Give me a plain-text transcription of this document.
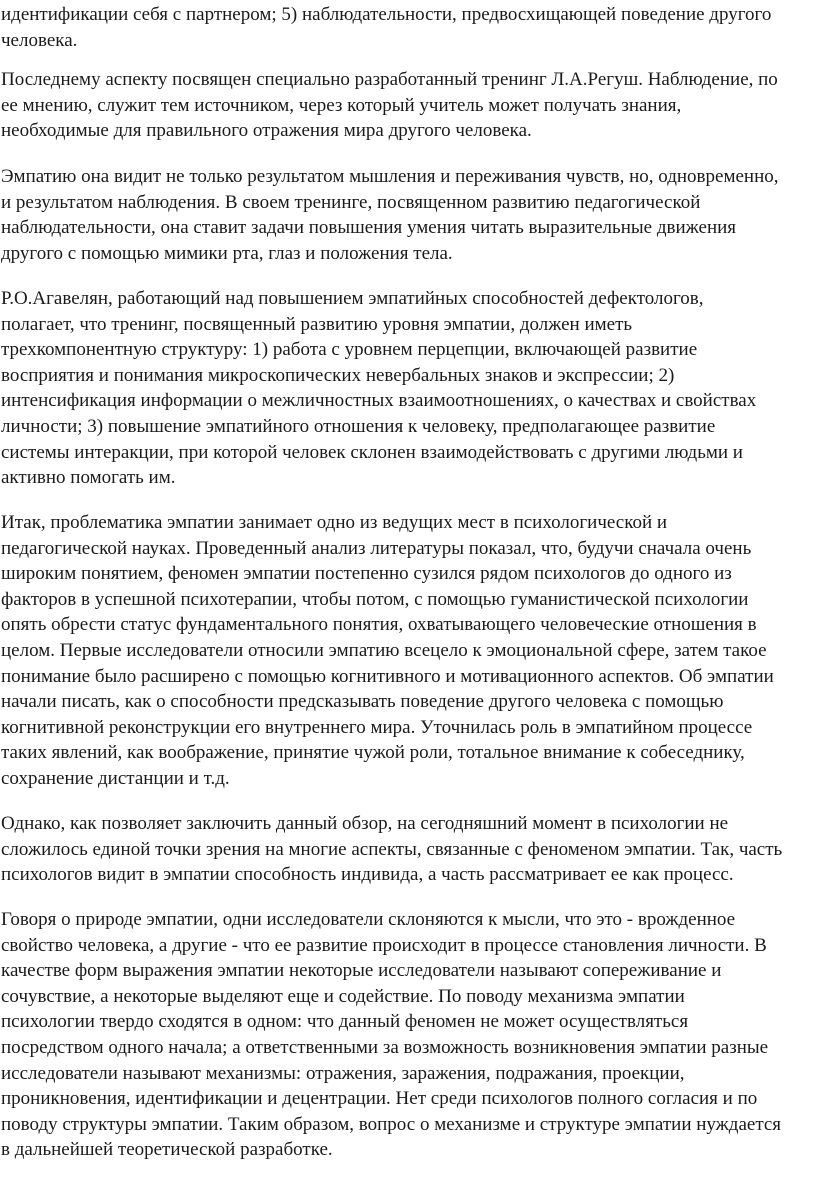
идентификации себя с партнером; 5) наблюдательности, предвосхищающей поведение другого
человека.

Последнему аспекту посвящен специально разработанный тренинг Л.А.Регуш. Наблюдение, по
ее мнению, служит тем источником, через который учитель может получать знания,
необходимые для правильного отражения мира другого человека.

Эмпатию она видит не только результатом мышления и переживания чувств, но, одновременно,
и результатом наблюдения. В своем тренинге, посвященном развитию педагогической
наблюдательности, она ставит задачи повышения умения читать выразительные движения
другого с помощью мимики рта, глаз и положения тела.

Р.О.Агавелян, работающий над повышением эмпатийных способностей дефектологов,
полагает, что тренинг, посвященный развитию уровня эмпатии, должен иметь
трехкомпонентную структуру: 1) работа с уровнем перцепции, включающей развитие
восприятия и понимания микроскопических невербальных знаков и экспрессии; 2)
интенсификация информации о межличностных взаимоотношениях, о качествах и свойствах
личности; 3) повышение эмпатийного отношения к человеку, предполагающее развитие
системы интеракции, при которой человек склонен взаимодействовать с другими людьми и
активно помогать им.

Итак, проблематика эмпатии занимает одно из ведущих мест в психологической и
педагогической науках. Проведенный анализ литературы показал, что, будучи сначала очень
широким понятием, феномен эмпатии постепенно сузился рядом психологов до одного из
факторов в успешной психотерапии, чтобы потом, с помощью гуманистической психологии
опять обрести статус фундаментального понятия, охватывающего человеческие отношения в
целом. Первые исследователи относили эмпатию всецело к эмоциональной сфере, затем такое
понимание было расширено с помощью когнитивного и мотивационного аспектов. Об эмпатии
начали писать, как о способности предсказывать поведение другого человека с помощью
когнитивной реконструкции его внутреннего мира. Уточнилась роль в эмпатийном процессе
таких явлений, как воображение, принятие чужой роли, тотальное внимание к собеседнику,
сохранение дистанции и т.д.

Однако, как позволяет заключить данный обзор, на сегодняшний момент в психологии не
сложилось единой точки зрения на многие аспекты, связанные с феноменом эмпатии. Так, часть
психологов видит в эмпатии способность индивида, а часть рассматривает ее как процесс.

Говоря о природе эмпатии, одни исследователи склоняются к мысли, что это - врожденное
свойство человека, а другие - что ее развитие происходит в процессе становления личности. В
качестве форм выражения эмпатии некоторые исследователи называют сопереживание и
сочувствие, а некоторые выделяют еще и содействие. По поводу механизма эмпатии
психологии твердо сходятся в одном: что данный феномен не может осуществляться
посредством одного начала; а ответственными за возможность возникновения эмпатии разные
исследователи называют механизмы: отражения, заражения, подражания, проекции,
проникновения, идентификации и децентрации. Нет среди психологов полного согласия и по
поводу структуры эмпатии. Таким образом, вопрос о механизме и структуре эмпатии нуждается
в дальнейшей теоретической разработке.
